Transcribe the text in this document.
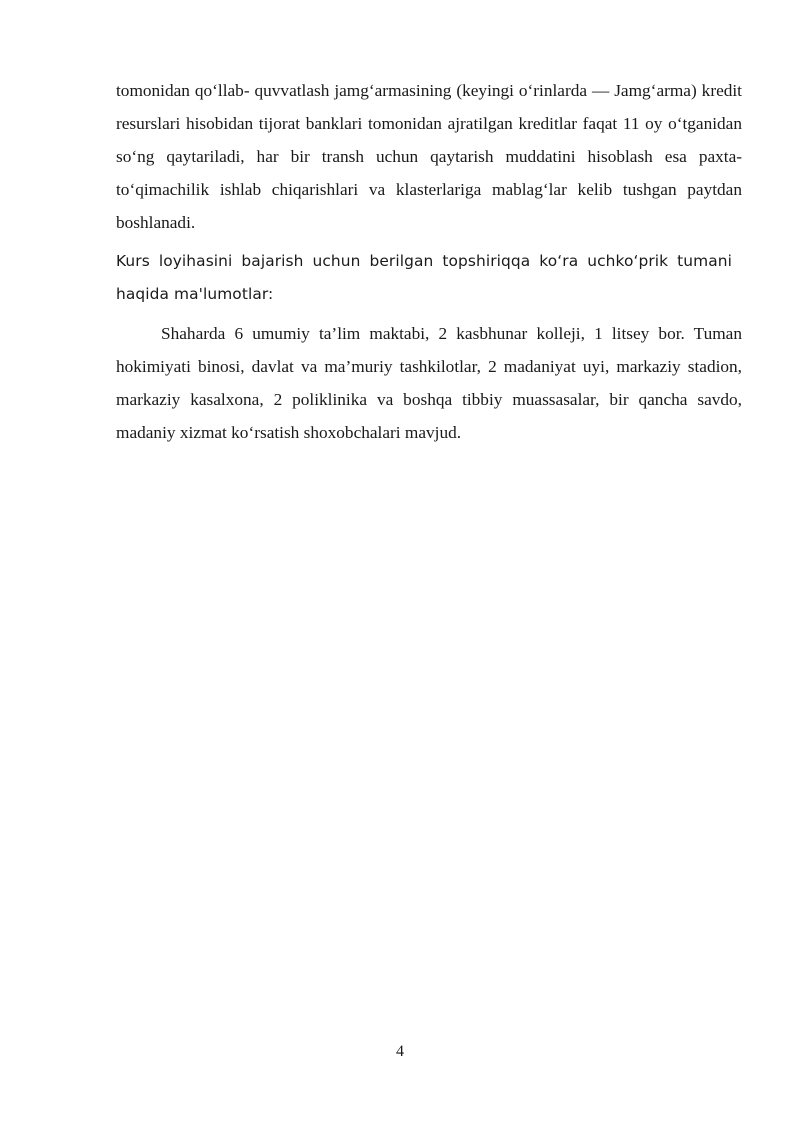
tomonidan qo‘llab- quvvatlash jamg‘armasining (keyingi o‘rinlarda — Jamg‘arma) kredit resurslari hisobidan tijorat banklari tomonidan ajratilgan kreditlar faqat 11 oy o‘tganidan so‘ng qaytariladi, har bir transh uchun qaytarish muddatini hisoblash esa paxta-to‘qimachilik ishlab chiqarishlari va klasterlariga mablag‘lar kelib tushgan paytdan boshlanadi.

Kurs loyihasini bajarish uchun berilgan topshiriqqa ko‘ra uchko‘prik tumani haqida ma'lumotlar:

Shaharda 6 umumiy ta’lim maktabi, 2 kasbhunar kolleji, 1 litsey bor. Tuman hokimiyati binosi, davlat va ma’muriy tashkilotlar, 2 madaniyat uyi, markaziy stadion, markaziy kasalxona, 2 poliklinika va boshqa tibbiy muassasalar, bir qancha savdo, madaniy xizmat ko‘rsatish shoxobchalari mavjud.

4
